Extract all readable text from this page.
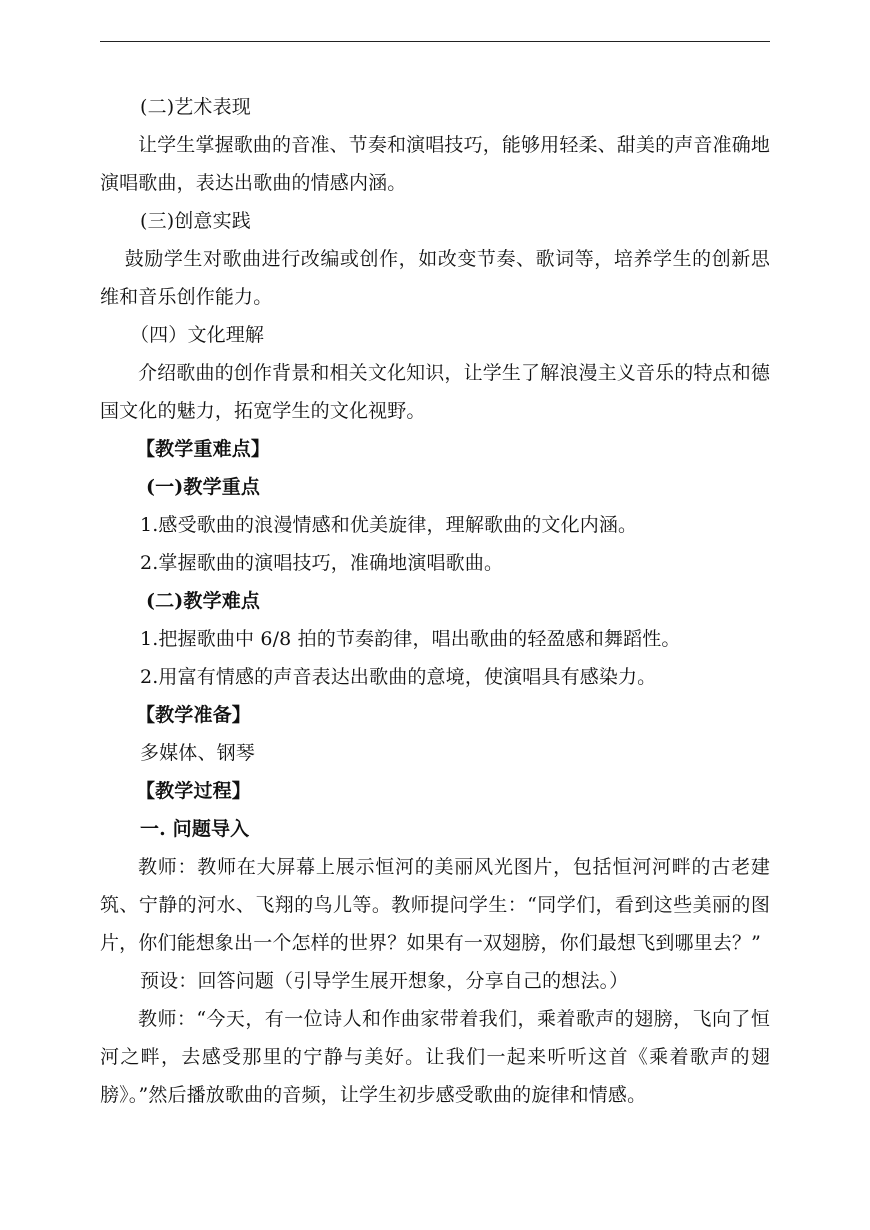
(二)艺术表现
让学生掌握歌曲的音准、节奏和演唱技巧，能够用轻柔、甜美的声音准确地演唱歌曲，表达出歌曲的情感内涵。
(三)创意实践
鼓励学生对歌曲进行改编或创作，如改变节奏、歌词等，培养学生的创新思维和音乐创作能力。
（四）文化理解
介绍歌曲的创作背景和相关文化知识，让学生了解浪漫主义音乐的特点和德国文化的魅力，拓宽学生的文化视野。
【教学重难点】
(一)教学重点
1.感受歌曲的浪漫情感和优美旋律，理解歌曲的文化内涵。
2.掌握歌曲的演唱技巧，准确地演唱歌曲。
(二)教学难点
1.把握歌曲中 6/8 拍的节奏韵律，唱出歌曲的轻盈感和舞蹈性。
2.用富有情感的声音表达出歌曲的意境，使演唱具有感染力。
【教学准备】
多媒体、钢琴
【教学过程】
一. 问题导入
教师：教师在大屏幕上展示恒河的美丽风光图片，包括恒河河畔的古老建筑、宁静的河水、飞翔的鸟儿等。教师提问学生：“同学们，看到这些美丽的图片，你们能想象出一个怎样的世界？如果有一双翅膀，你们最想飞到哪里去？”
预设：回答问题（引导学生展开想象，分享自己的想法。）
教师：“今天，有一位诗人和作曲家带着我们，乘着歌声的翅膀，飞向了恒河之畔，去感受那里的宁静与美好。让我们一起来听听这首《乘着歌声的翅膀》。”然后播放歌曲的音频，让学生初步感受歌曲的旋律和情感。
